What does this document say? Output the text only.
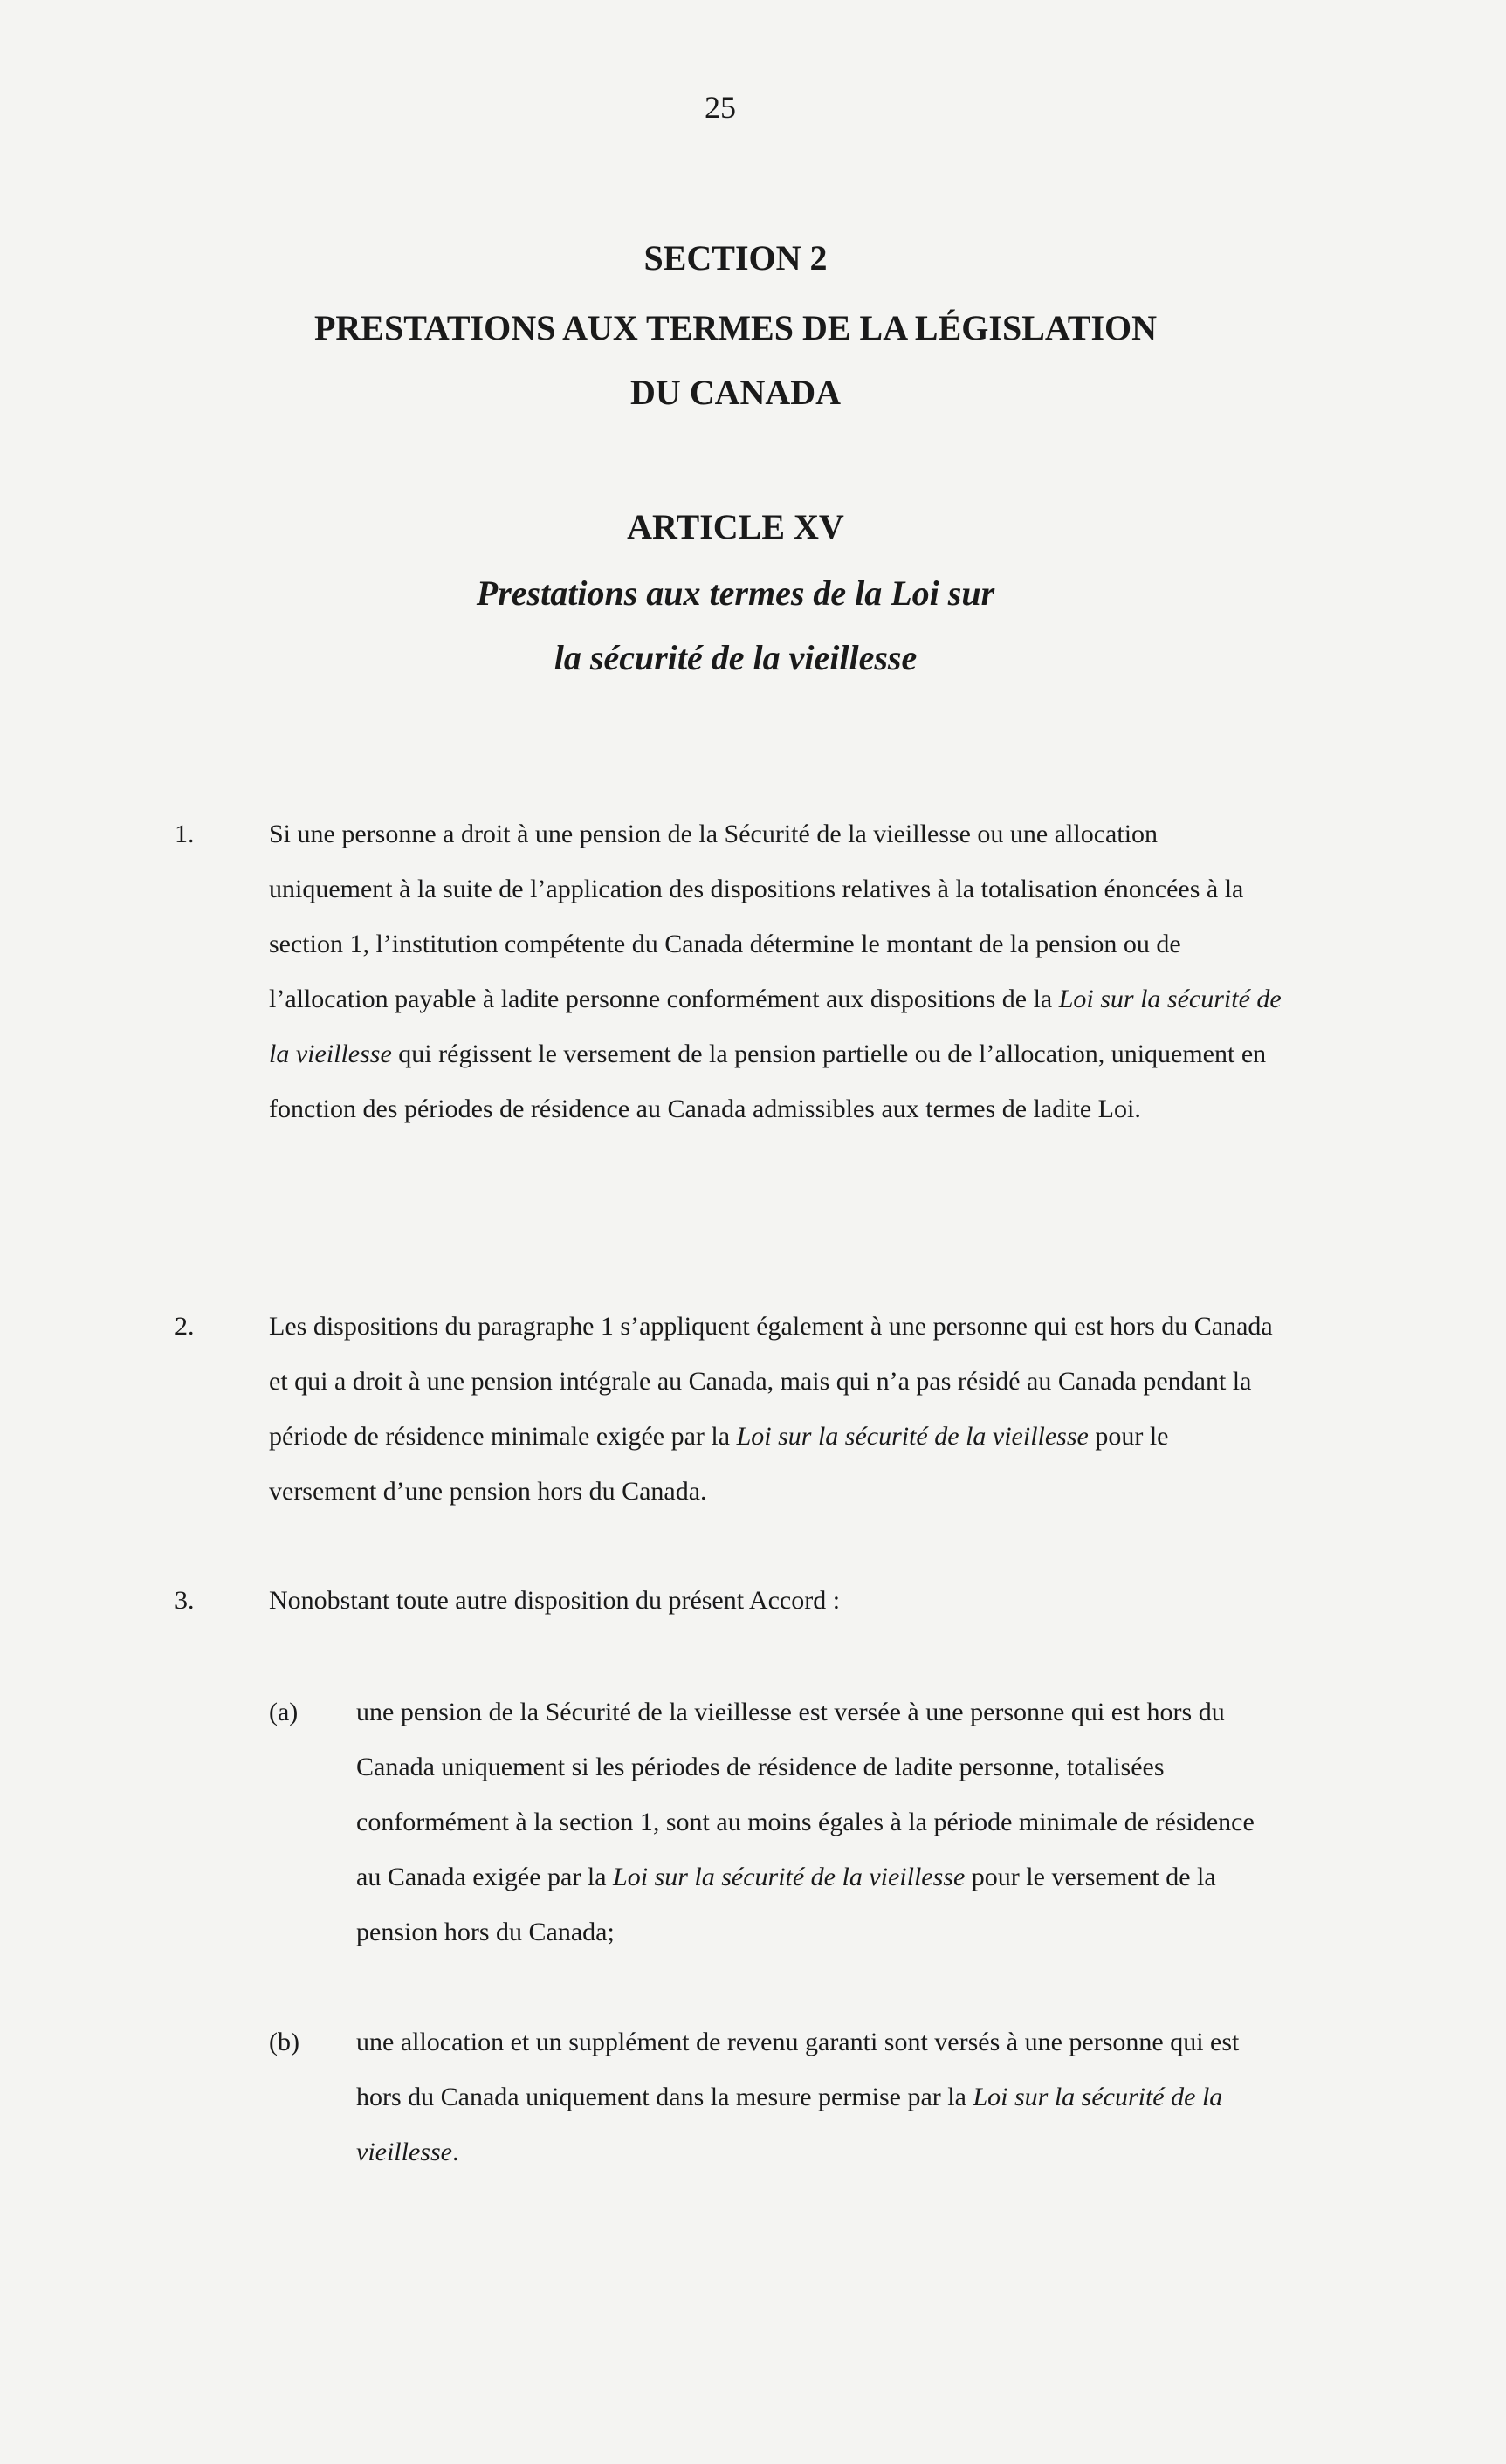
25
SECTION 2
PRESTATIONS AUX TERMES DE LA LÉGISLATION
DU CANADA
ARTICLE XV
Prestations aux termes de la Loi sur
la sécurité de la vieillesse
1.	Si une personne a droit à une pension de la Sécurité de la vieillesse ou une allocation uniquement à la suite de l’application des dispositions relatives à la totalisation énoncées à la section 1, l’institution compétente du Canada détermine le montant de la pension ou de l’allocation payable à ladite personne conformément aux dispositions de la Loi sur la sécurité de la vieillesse qui régissent le versement de la pension partielle ou de l’allocation, uniquement en fonction des périodes de résidence au Canada admissibles aux termes de ladite Loi.
2.	Les dispositions du paragraphe 1 s’appliquent également à une personne qui est hors du Canada et qui a droit à une pension intégrale au Canada, mais qui n’a pas résidé au Canada pendant la période de résidence minimale exigée par la Loi sur la sécurité de la vieillesse pour le versement d’une pension hors du Canada.
3.	Nonobstant toute autre disposition du présent Accord :
(a) une pension de la Sécurité de la vieillesse est versée à une personne qui est hors du Canada uniquement si les périodes de résidence de ladite personne, totalisées conformément à la section 1, sont au moins égales à la période minimale de résidence au Canada exigée par la Loi sur la sécurité de la vieillesse pour le versement de la pension hors du Canada;
(b) une allocation et un supplément de revenu garanti sont versés à une personne qui est hors du Canada uniquement dans la mesure permise par la Loi sur la sécurité de la vieillesse.
